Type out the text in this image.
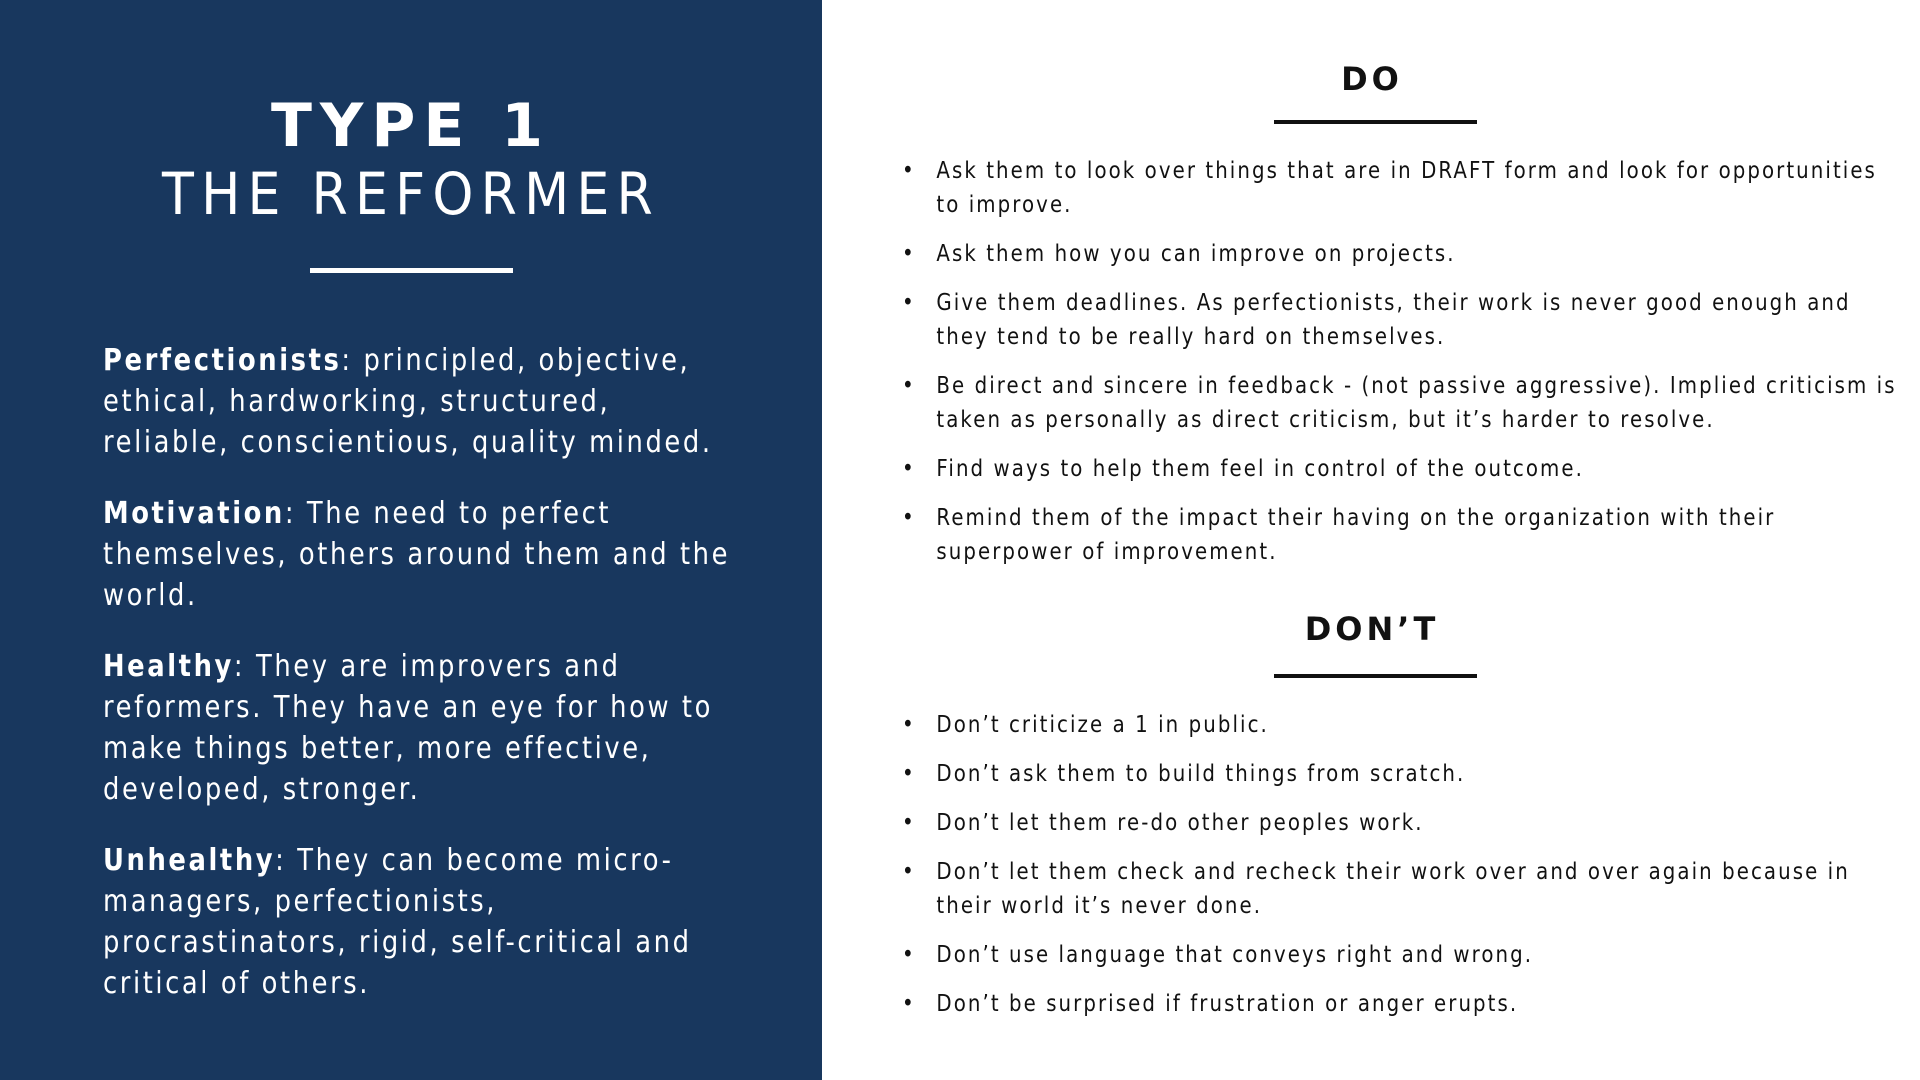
TYPE 1
THE REFORMER

Perfectionists: principled, objective, ethical, hardworking, structured, reliable, conscientious, quality minded.

Motivation: The need to perfect themselves, others around them and the world.

Healthy: They are improvers and reformers. They have an eye for how to make things better, more effective, developed, stronger.

Unhealthy: They can become micro-managers, perfectionists, procrastinators, rigid, self-critical and critical of others.

DO
• Ask them to look over things that are in DRAFT form and look for opportunities to improve.
• Ask them how you can improve on projects.
• Give them deadlines. As perfectionists, their work is never good enough and they tend to be really hard on themselves.
• Be direct and sincere in feedback - (not passive aggressive). Implied criticism is taken as personally as direct criticism, but it’s harder to resolve.
• Find ways to help them feel in control of the outcome.
• Remind them of the impact their having on the organization with their superpower of improvement.
DON’T
• Don’t criticize a 1 in public.
• Don’t ask them to build things from scratch.
• Don’t let them re-do other peoples work.
• Don’t let them check and recheck their work over and over again because in their world it’s never done.
• Don’t use language that conveys right and wrong.
• Don’t be surprised if frustration or anger erupts.
